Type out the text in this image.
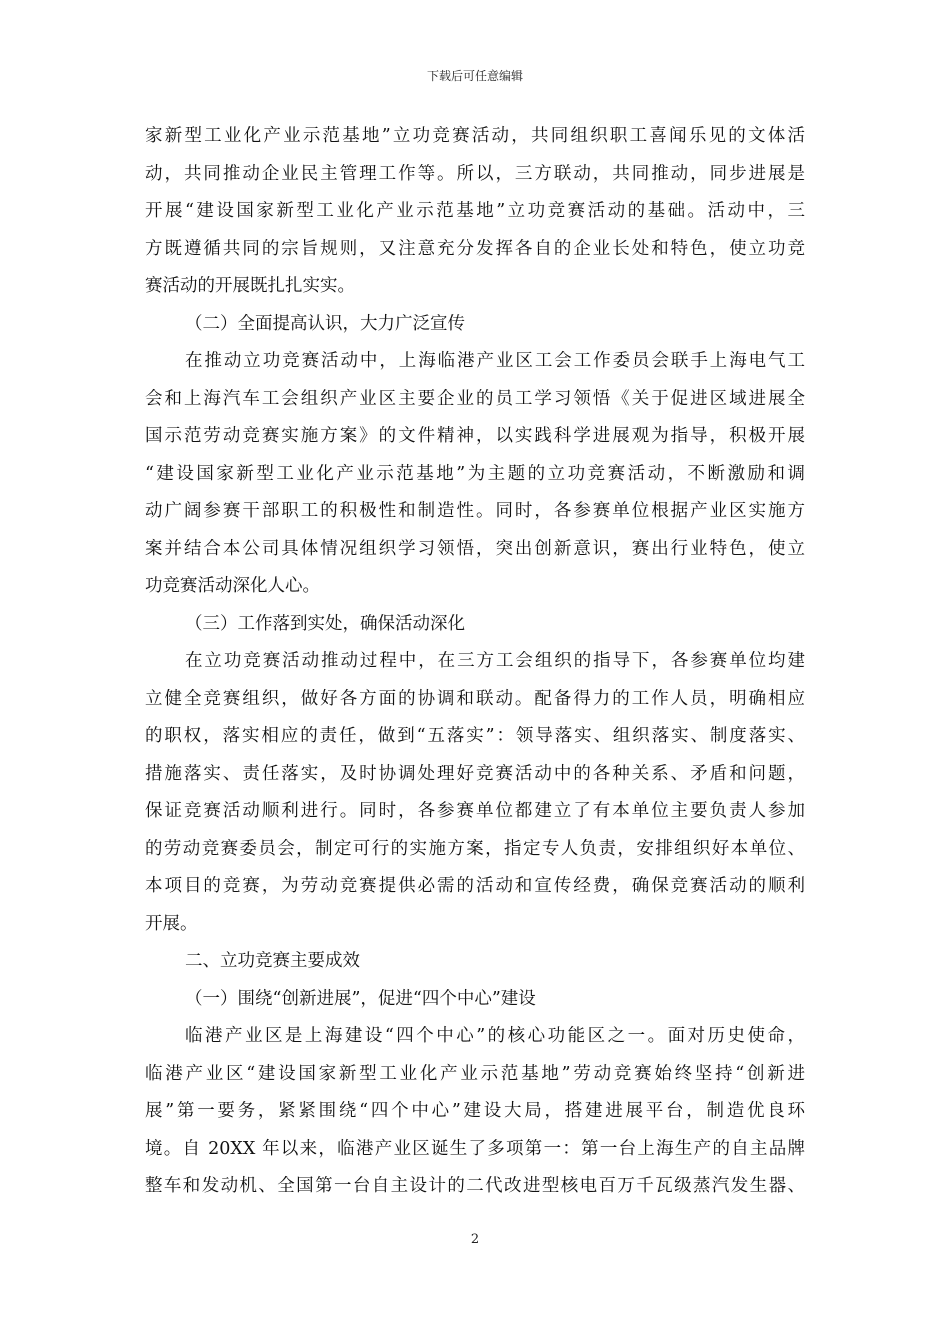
下载后可任意编辑
家新型工业化产业示范基地”立功竞赛活动，共同组织职工喜闻乐见的文体活
动，共同推动企业民主管理工作等。所以，三方联动，共同推动，同步进展是
开展“建设国家新型工业化产业示范基地”立功竞赛活动的基础。活动中，三
方既遵循共同的宗旨规则，又注意充分发挥各自的企业长处和特色，使立功竞
赛活动的开展既扎扎实实。
（二）全面提高认识，大力广泛宣传
在推动立功竞赛活动中，上海临港产业区工会工作委员会联手上海电气工
会和上海汽车工会组织产业区主要企业的员工学习领悟《关于促进区域进展全
国示范劳动竞赛实施方案》的文件精神，以实践科学进展观为指导，积极开展
“建设国家新型工业化产业示范基地”为主题的立功竞赛活动，不断激励和调
动广阔参赛干部职工的积极性和制造性。同时，各参赛单位根据产业区实施方
案并结合本公司具体情况组织学习领悟，突出创新意识，赛出行业特色，使立
功竞赛活动深化人心。
（三）工作落到实处，确保活动深化
在立功竞赛活动推动过程中，在三方工会组织的指导下，各参赛单位均建
立健全竞赛组织，做好各方面的协调和联动。配备得力的工作人员，明确相应
的职权，落实相应的责任，做到“五落实”：领导落实、组织落实、制度落实、
措施落实、责任落实，及时协调处理好竞赛活动中的各种关系、矛盾和问题，
保证竞赛活动顺利进行。同时，各参赛单位都建立了有本单位主要负责人参加
的劳动竞赛委员会，制定可行的实施方案，指定专人负责，安排组织好本单位、
本项目的竞赛，为劳动竞赛提供必需的活动和宣传经费，确保竞赛活动的顺利
开展。
二、立功竞赛主要成效
（一）围绕“创新进展”，促进“四个中心”建设
临港产业区是上海建设“四个中心”的核心功能区之一。面对历史使命，
临港产业区“建设国家新型工业化产业示范基地”劳动竞赛始终坚持“创新进
展”第一要务，紧紧围绕“四个中心”建设大局，搭建进展平台，制造优良环
境。自 20XX 年以来，临港产业区诞生了多项第一：第一台上海生产的自主品牌
整车和发动机、全国第一台自主设计的二代改进型核电百万千瓦级蒸汽发生器、
2
